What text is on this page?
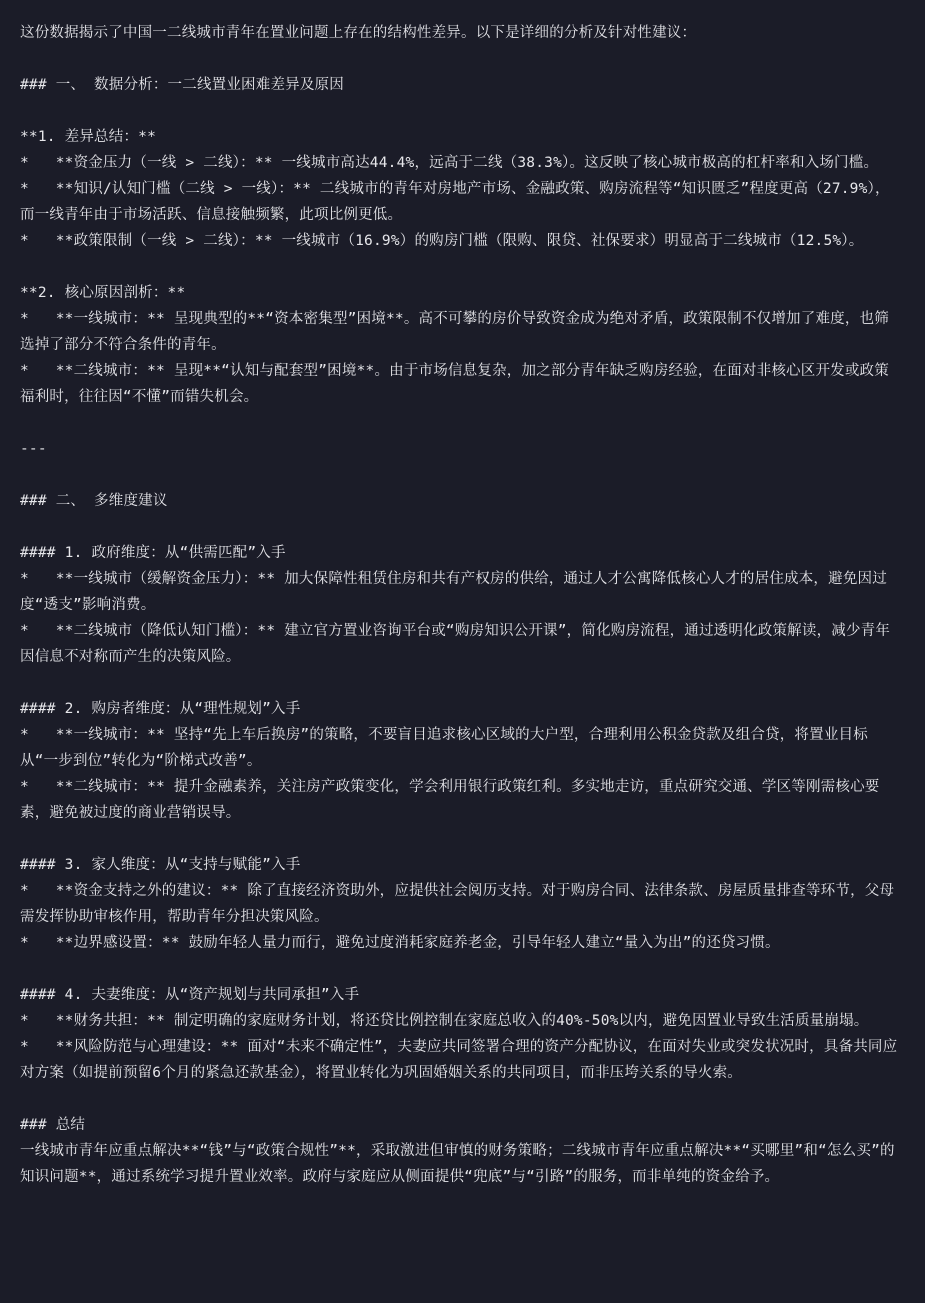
这份数据揭示了中国一二线城市青年在置业问题上存在的结构性差异。以下是详细的分析及针对性建议：
### 一、 数据分析：一二线置业困难差异及原因
**1. 差异总结：**
*   **资金压力（一线 > 二线）：** 一线城市高达44.4%，远高于二线（38.3%）。这反映了核心城市极高的杠杆率和入场门槛。
*   **知识/认知门槛（二线 > 一线）：** 二线城市的青年对房地产市场、金融政策、购房流程等“知识匮乏”程度更高（27.9%），而一线青年由于市场活跃、信息接触频繁，此项比例更低。
*   **政策限制（一线 > 二线）：** 一线城市（16.9%）的购房门槛（限购、限贷、社保要求）明显高于二线城市（12.5%）。
**2. 核心原因剖析：**
*   **一线城市：** 呈现典型的**“资本密集型”困境**。高不可攀的房价导致资金成为绝对矛盾，政策限制不仅增加了难度，也筛选掉了部分不符合条件的青年。
*   **二线城市：** 呈现**“认知与配套型”困境**。由于市场信息复杂，加之部分青年缺乏购房经验，在面对非核心区开发或政策福利时，往往因“不懂”而错失机会。
---
### 二、 多维度建议
#### 1. 政府维度：从“供需匹配”入手
*   **一线城市（缓解资金压力）：** 加大保障性租赁住房和共有产权房的供给，通过人才公寓降低核心人才的居住成本，避免因过度“透支”影响消费。
*   **二线城市（降低认知门槛）：** 建立官方置业咨询平台或“购房知识公开课”，简化购房流程，通过透明化政策解读，减少青年因信息不对称而产生的决策风险。
#### 2. 购房者维度：从“理性规划”入手
*   **一线城市：** 坚持“先上车后换房”的策略，不要盲目追求核心区域的大户型，合理利用公积金贷款及组合贷，将置业目标从“一步到位”转化为“阶梯式改善”。
*   **二线城市：** 提升金融素养，关注房产政策变化，学会利用银行政策红利。多实地走访，重点研究交通、学区等刚需核心要素，避免被过度的商业营销误导。
#### 3. 家人维度：从“支持与赋能”入手
*   **资金支持之外的建议：** 除了直接经济资助外，应提供社会阅历支持。对于购房合同、法律条款、房屋质量排查等环节，父母需发挥协助审核作用，帮助青年分担决策风险。
*   **边界感设置：** 鼓励年轻人量力而行，避免过度消耗家庭养老金，引导年轻人建立“量入为出”的还贷习惯。
#### 4. 夫妻维度：从“资产规划与共同承担”入手
*   **财务共担：** 制定明确的家庭财务计划，将还贷比例控制在家庭总收入的40%-50%以内，避免因置业导致生活质量崩塌。
*   **风险防范与心理建设：** 面对“未来不确定性”，夫妻应共同签署合理的资产分配协议，在面对失业或突发状况时，具备共同应对方案（如提前预留6个月的紧急还款基金），将置业转化为巩固婚姻关系的共同项目，而非压垮关系的导火索。
### 总结
一线城市青年应重点解决**“钱”与“政策合规性”**，采取激进但审慎的财务策略；二线城市青年应重点解决**“买哪里”和“怎么买”的知识问题**，通过系统学习提升置业效率。政府与家庭应从侧面提供“兜底”与“引路”的服务，而非单纯的资金给予。
